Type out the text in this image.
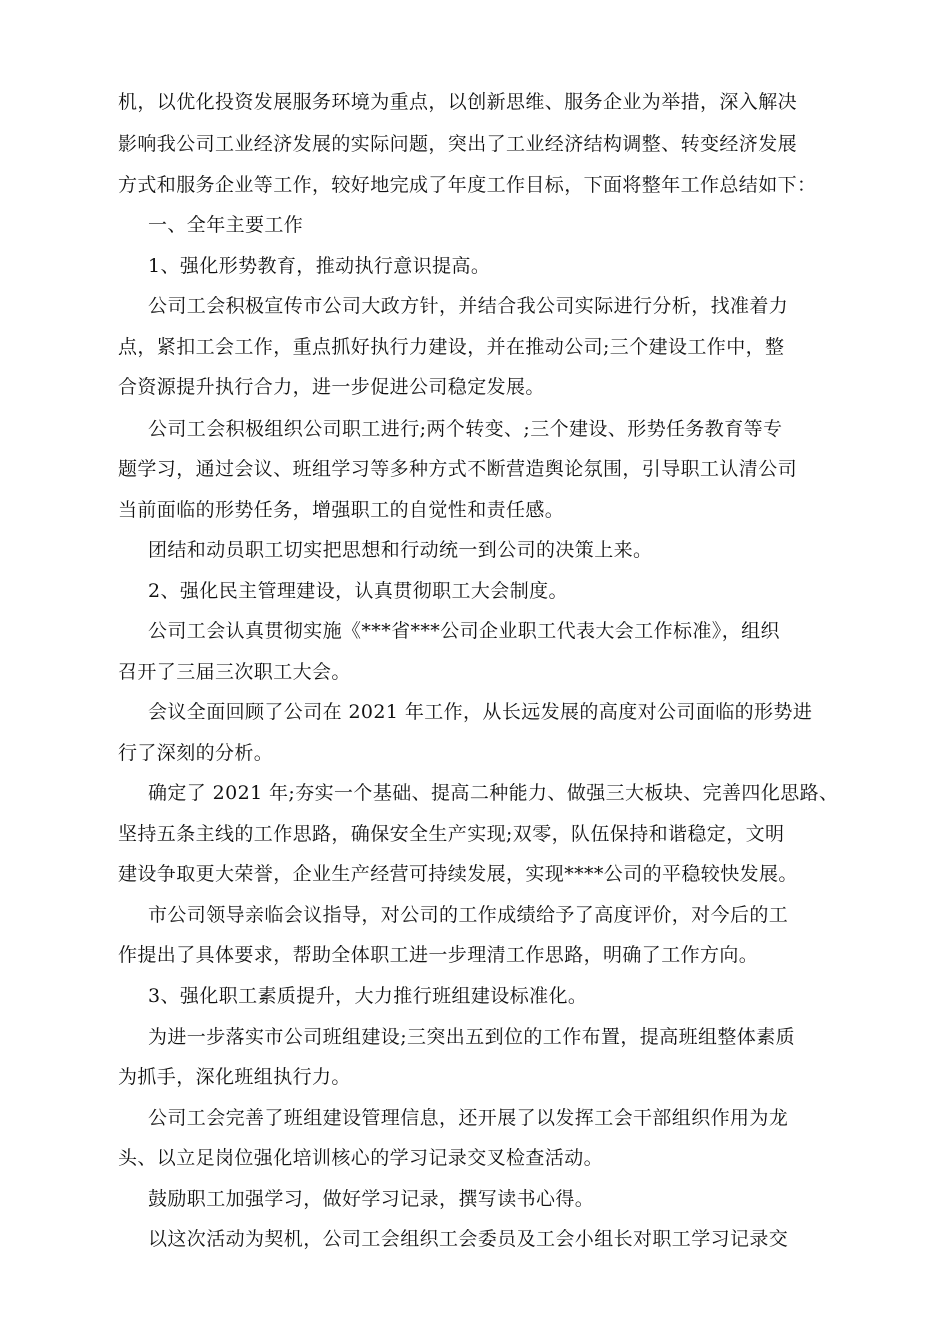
机，以优化投资发展服务环境为重点，以创新思维、服务企业为举措，深入解决
影响我公司工业经济发展的实际问题，突出了工业经济结构调整、转变经济发展
方式和服务企业等工作，较好地完成了年度工作目标，下面将整年工作总结如下：
一、全年主要工作
1、强化形势教育，推动执行意识提高。
公司工会积极宣传市公司大政方针，并结合我公司实际进行分析，找准着力
点，紧扣工会工作，重点抓好执行力建设，并在推动公司;三个建设工作中，整
合资源提升执行合力，进一步促进公司稳定发展。
公司工会积极组织公司职工进行;两个转变、;三个建设、形势任务教育等专
题学习，通过会议、班组学习等多种方式不断营造舆论氛围，引导职工认清公司
当前面临的形势任务，增强职工的自觉性和责任感。
团结和动员职工切实把思想和行动统一到公司的决策上来。
2、强化民主管理建设，认真贯彻职工大会制度。
公司工会认真贯彻实施《***省***公司企业职工代表大会工作标准》，组织
召开了三届三次职工大会。
会议全面回顾了公司在 2021 年工作，从长远发展的高度对公司面临的形势进
行了深刻的分析。
确定了 2021 年;夯实一个基础、提高二种能力、做强三大板块、完善四化思路、
坚持五条主线的工作思路，确保安全生产实现;双零，队伍保持和谐稳定，文明
建设争取更大荣誉，企业生产经营可持续发展，实现****公司的平稳较快发展。
市公司领导亲临会议指导，对公司的工作成绩给予了高度评价，对今后的工
作提出了具体要求，帮助全体职工进一步理清工作思路，明确了工作方向。
3、强化职工素质提升，大力推行班组建设标准化。
为进一步落实市公司班组建设;三突出五到位的工作布置，提高班组整体素质
为抓手，深化班组执行力。
公司工会完善了班组建设管理信息，还开展了以发挥工会干部组织作用为龙
头、以立足岗位强化培训核心的学习记录交叉检查活动。
鼓励职工加强学习，做好学习记录，撰写读书心得。
以这次活动为契机，公司工会组织工会委员及工会小组长对职工学习记录交
